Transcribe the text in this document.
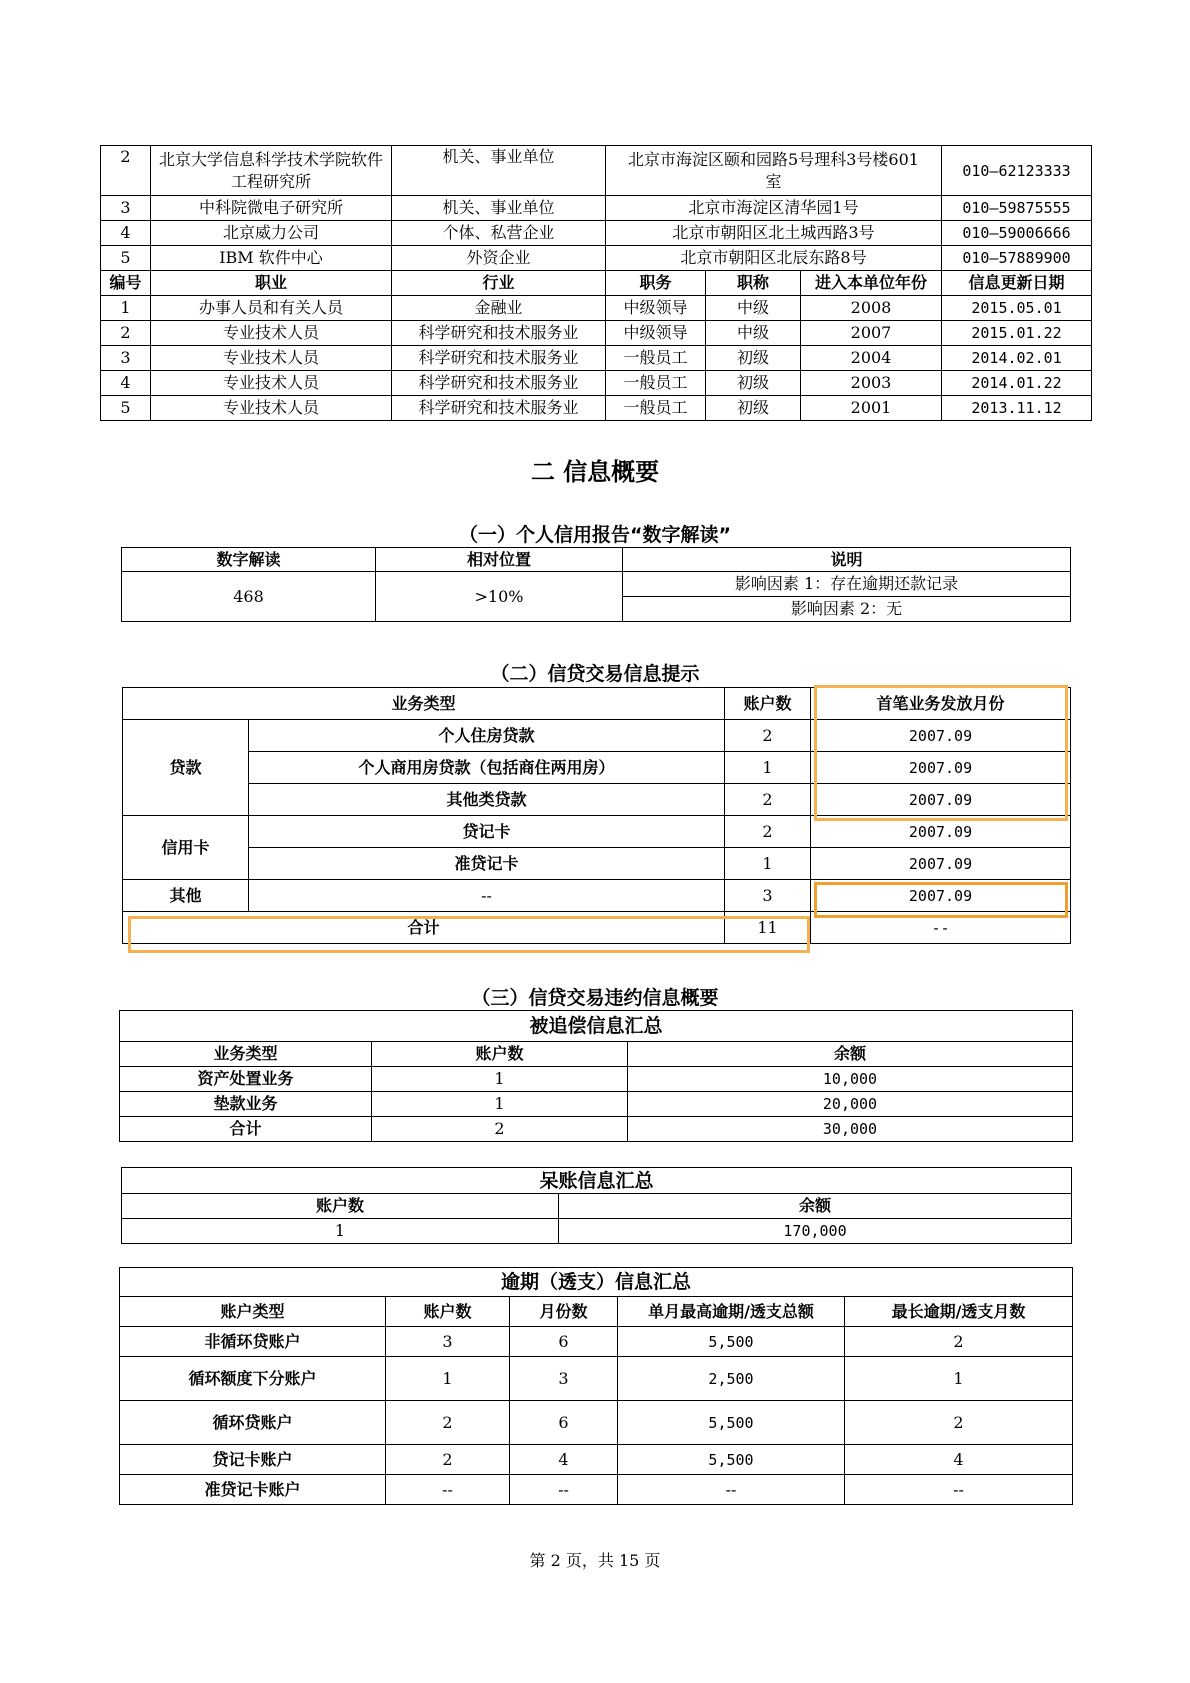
2	北京大学信息科学技术学院软件工程研究所	机关、事业单位	北京市海淀区颐和园路5号理科3号楼601室			010—62123333
3	中科院微电子研究所	机关、事业单位	北京市海淀区清华园1号			010—59875555
4	北京威力公司	个体、私营企业	北京市朝阳区北土城西路3号			010—59006666
5	IBM 软件中心	外资企业	北京市朝阳区北辰东路8号			010—57889900
编号	职业	行业	职务	职称	进入本单位年份	信息更新日期
1	办事人员和有关人员	金融业	中级领导	中级	2008	2015.05.01
2	专业技术人员	科学研究和技术服务业	中级领导	中级	2007	2015.01.22
3	专业技术人员	科学研究和技术服务业	一般员工	初级	2004	2014.02.01
4	专业技术人员	科学研究和技术服务业	一般员工	初级	2003	2014.01.22
5	专业技术人员	科学研究和技术服务业	一般员工	初级	2001	2013.11.12
二 信息概要
（一）个人信用报告“数字解读”
数字解读	相对位置	说明
468	>10%	影响因素 1：存在逾期还款记录
		影响因素 2：无
（二）信贷交易信息提示
业务类型		账户数	首笔业务发放月份
贷款	个人住房贷款	2	2007.09
	个人商用房贷款（包括商住两用房）	1	2007.09
	其他类贷款	2	2007.09
信用卡	贷记卡	2	2007.09
	准贷记卡	1	2007.09
其他	--	3	2007.09
合计		11	--
（三）信贷交易违约信息概要
被追偿信息汇总		
业务类型	账户数	余额
资产处置业务	1	10,000
垫款业务	1	20,000
合计	2	30,000
呆账信息汇总	
账户数	余额
1	170,000
逾期（透支）信息汇总				
账户类型	账户数	月份数	单月最高逾期/透支总额	最长逾期/透支月数
非循环贷账户	3	6	5,500	2
循环额度下分账户	1	3	2,500	1
循环贷账户	2	6	5,500	2
贷记卡账户	2	4	5,500	4
准贷记卡账户	--	--	--	--
第 2 页，共 15 页
